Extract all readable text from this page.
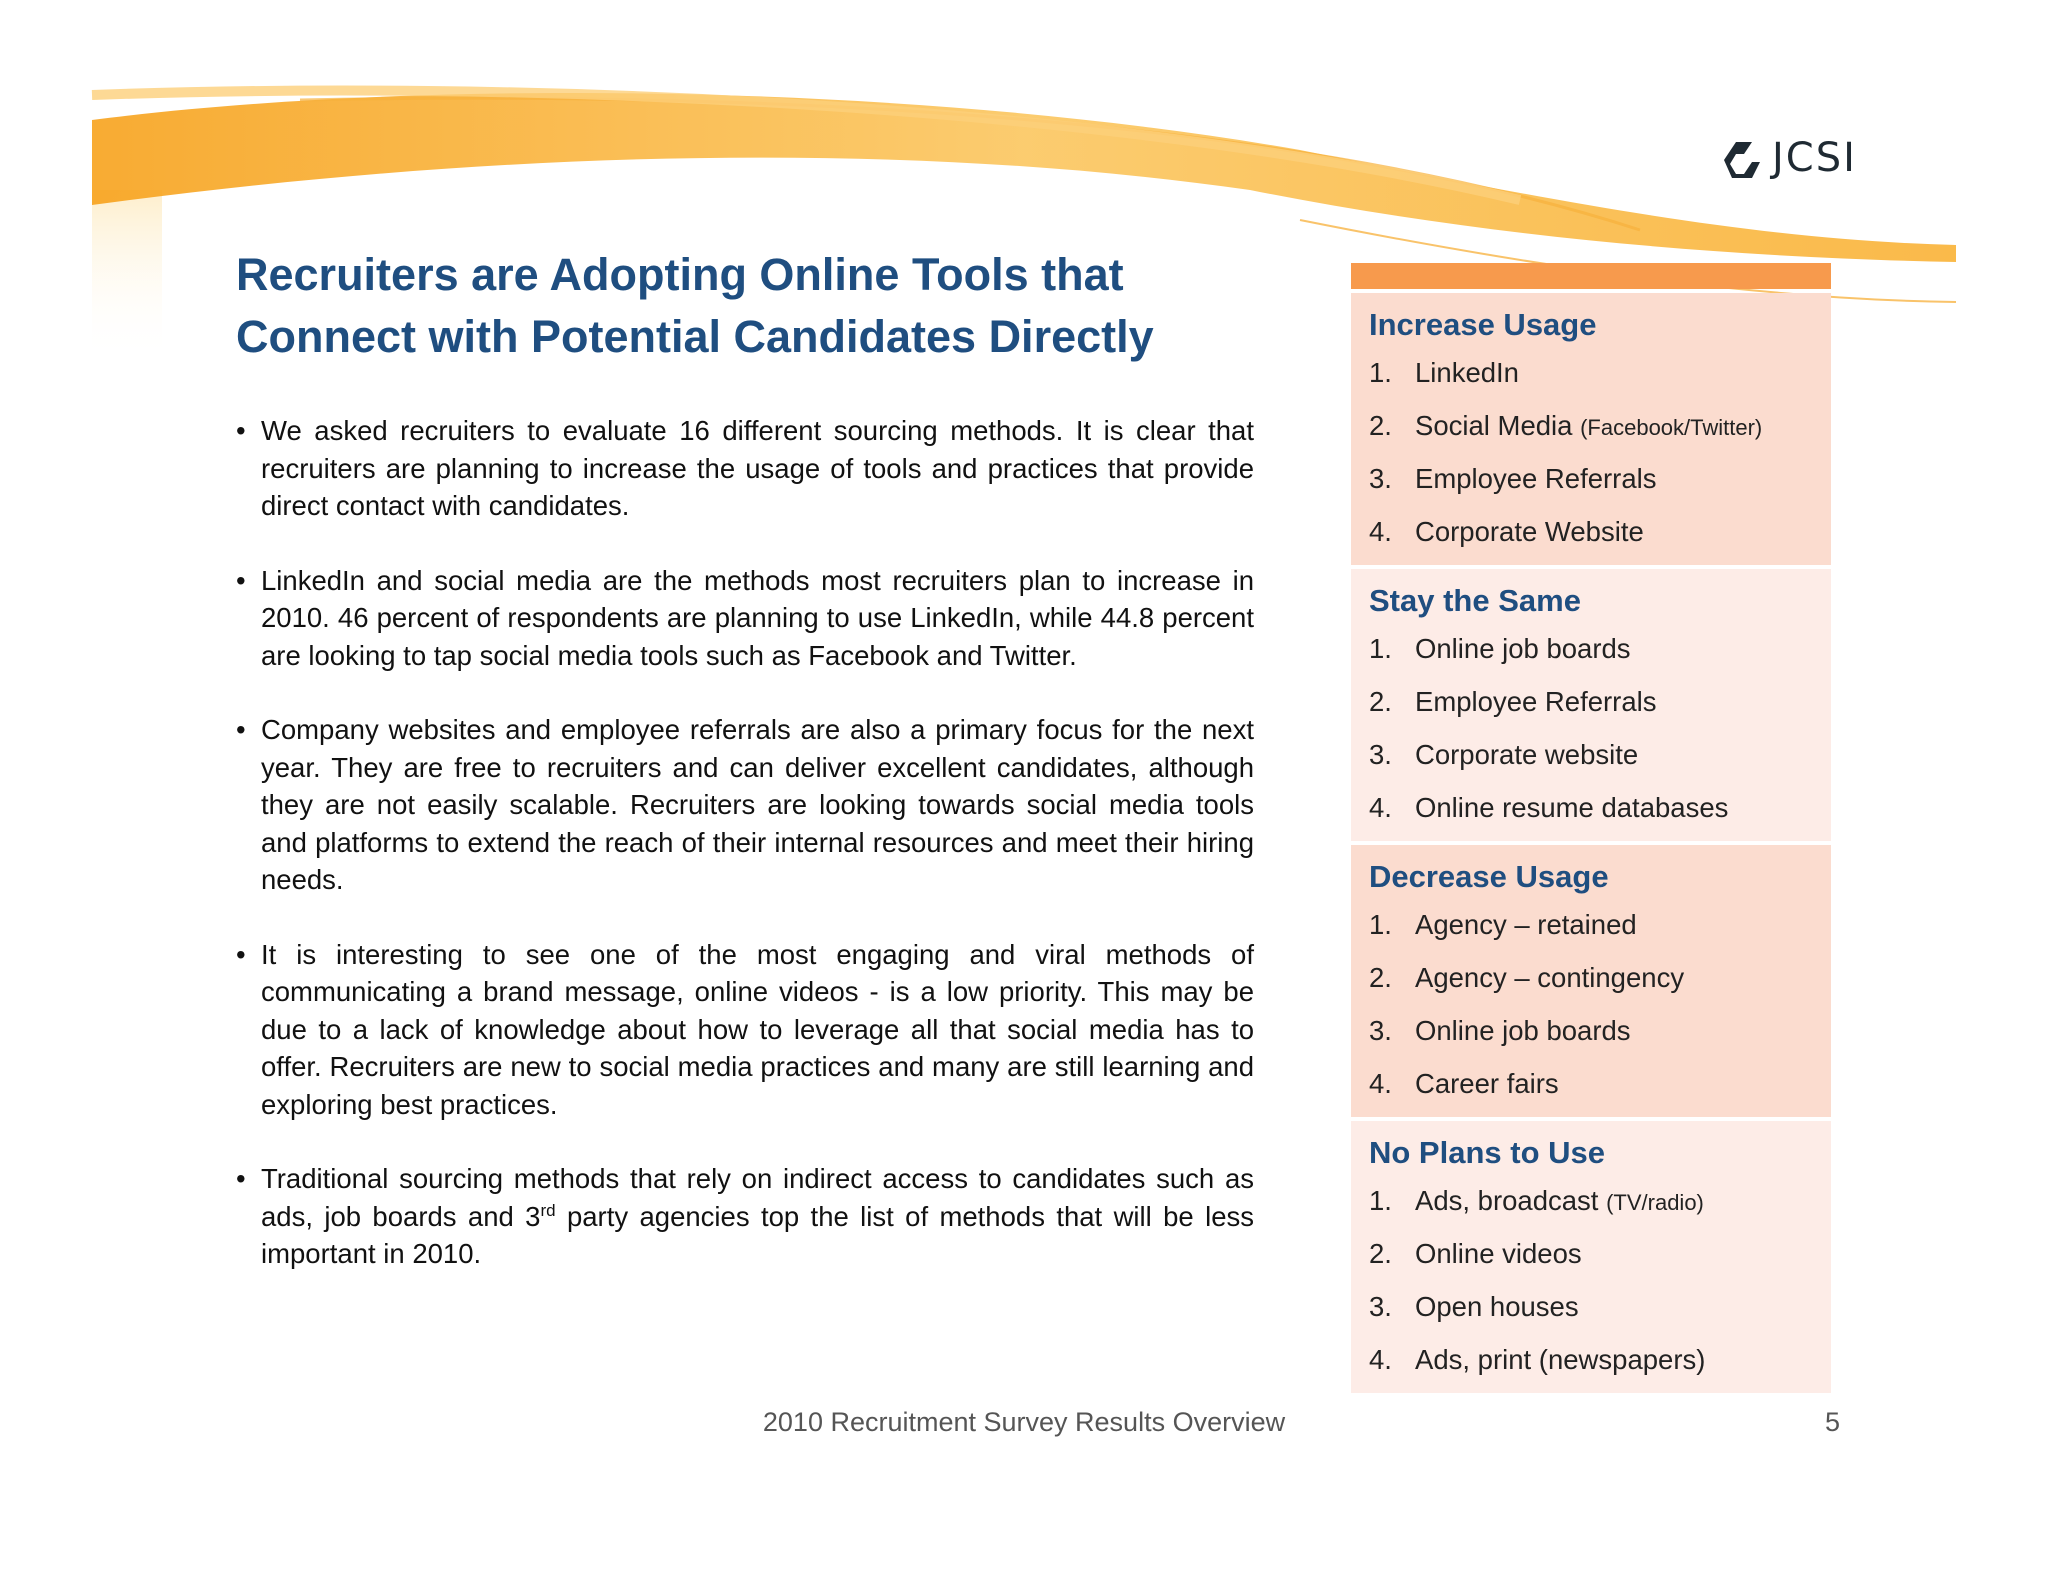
JCSI
Recruiters are Adopting Online Tools that
Connect with Potential Candidates Directly

• We asked recruiters to evaluate 16 different sourcing methods. It is clear that recruiters are planning to increase the usage of tools and practices that provide direct contact with candidates.

• LinkedIn and social media are the methods most recruiters plan to increase in 2010. 46 percent of respondents are planning to use LinkedIn, while 44.8 percent are looking to tap social media tools such as Facebook and Twitter.

• Company websites and employee referrals are also a primary focus for the next year. They are free to recruiters and can deliver excellent candidates, although they are not easily scalable. Recruiters are looking towards social media tools and platforms to extend the reach of their internal resources and meet their hiring needs.

• It is interesting to see one of the most engaging and viral methods of communicating a brand message, online videos - is a low priority. This may be due to a lack of knowledge about how to leverage all that social media has to offer. Recruiters are new to social media practices and many are still learning and exploring best practices.

• Traditional sourcing methods that rely on indirect access to candidates such as ads, job boards and 3rd party agencies top the list of methods that will be less important in 2010.

Increase Usage
1. LinkedIn
2. Social Media (Facebook/Twitter)
3. Employee Referrals
4. Corporate Website
Stay the Same
1. Online job boards
2. Employee Referrals
3. Corporate website
4. Online resume databases
Decrease Usage
1. Agency – retained
2. Agency – contingency
3. Online job boards
4. Career fairs
No Plans to Use
1. Ads, broadcast (TV/radio)
2. Online videos
3. Open houses
4. Ads, print (newspapers)
2010 Recruitment Survey Results Overview	5
